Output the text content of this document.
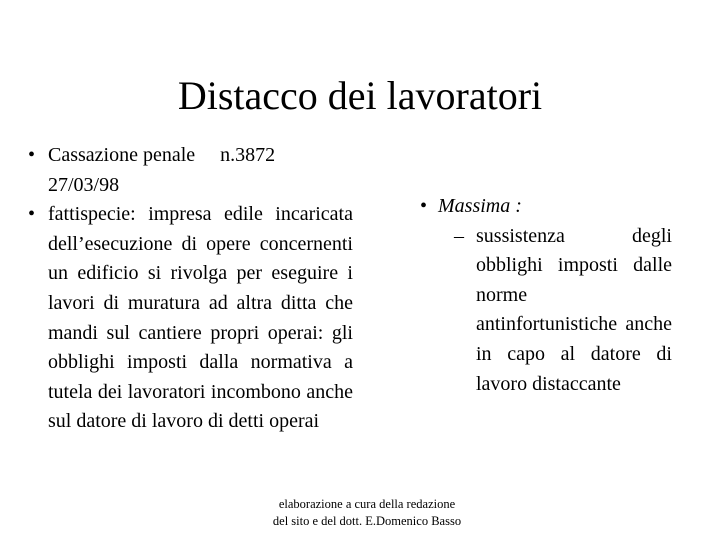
Distacco dei lavoratori
• Cassazione penale     n.3872
27/03/98
• fattispecie: impresa edile incaricata dell’esecuzione di opere concernenti un edificio si rivolga per eseguire i lavori di muratura ad altra ditta che mandi sul cantiere propri operai: gli obblighi imposti dalla normativa a tutela dei lavoratori incombono anche sul datore di lavoro di detti operai
• Massima :
– sussistenza degli obblighi imposti dalle norme antinfortunistiche anche in capo al datore di lavoro distaccante
elaborazione a cura della redazione
del sito e del dott. E.Domenico Basso
